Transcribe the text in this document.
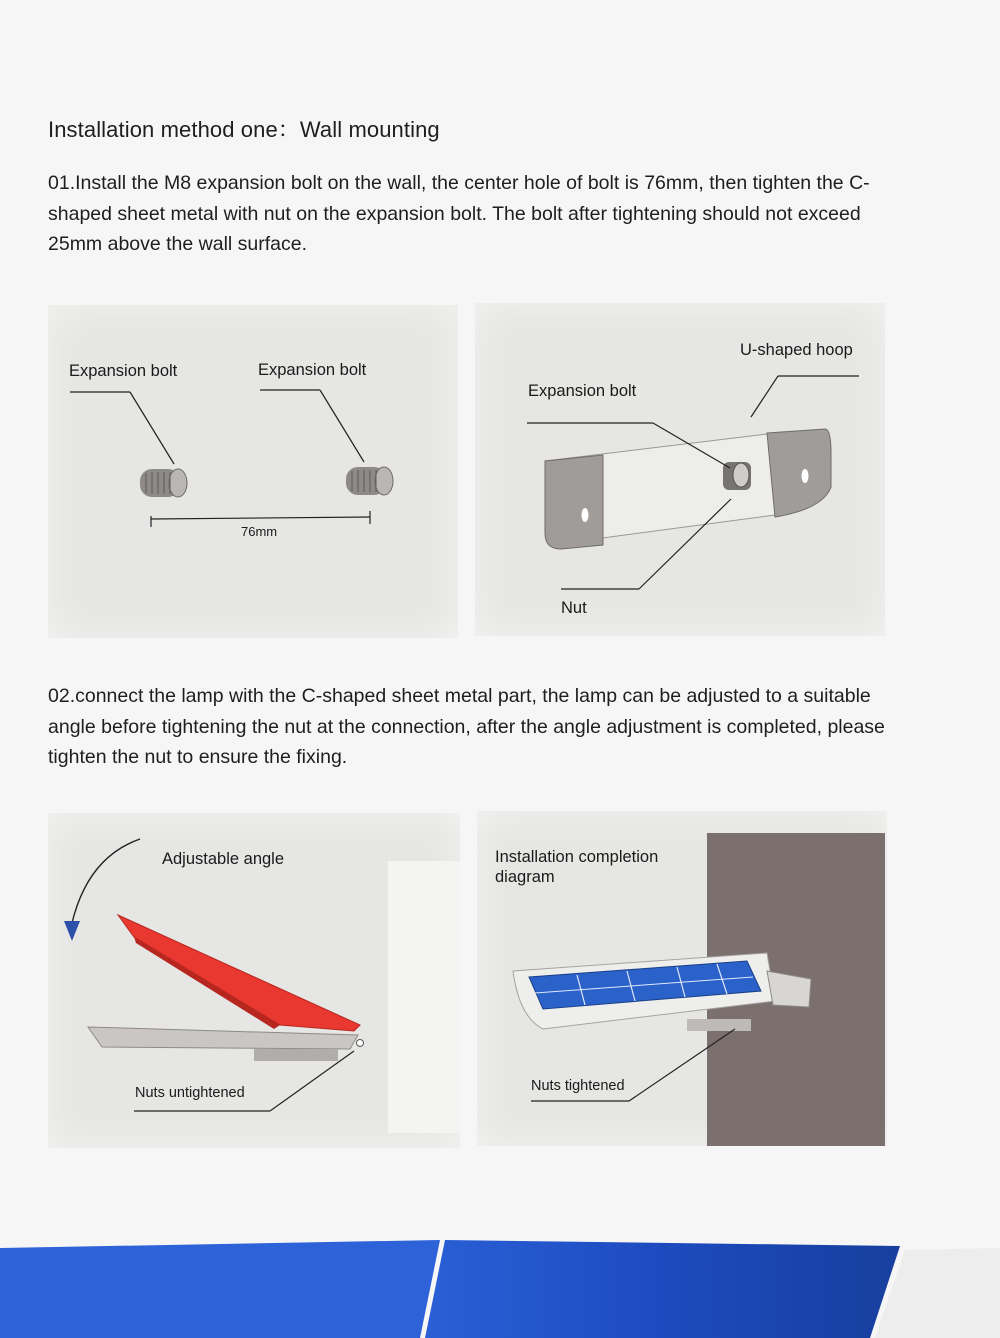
Installation method one：Wall mounting

01.Install the M8 expansion bolt on the wall, the center hole of bolt is 76mm, then tighten the C-shaped sheet metal with nut on the expansion bolt. The bolt after tightening should not exceed 25mm above the wall surface.

Expansion bolt	Expansion bolt
76mm
U-shaped hoop
Expansion bolt
Nut

02.connect the lamp with the C-shaped sheet metal part, the lamp can be adjusted to a suitable angle before tightening the nut at the connection, after the angle adjustment is completed, please tighten the nut to ensure the fixing.

Adjustable angle
Nuts untightened
Installation completion diagram
Nuts tightened
